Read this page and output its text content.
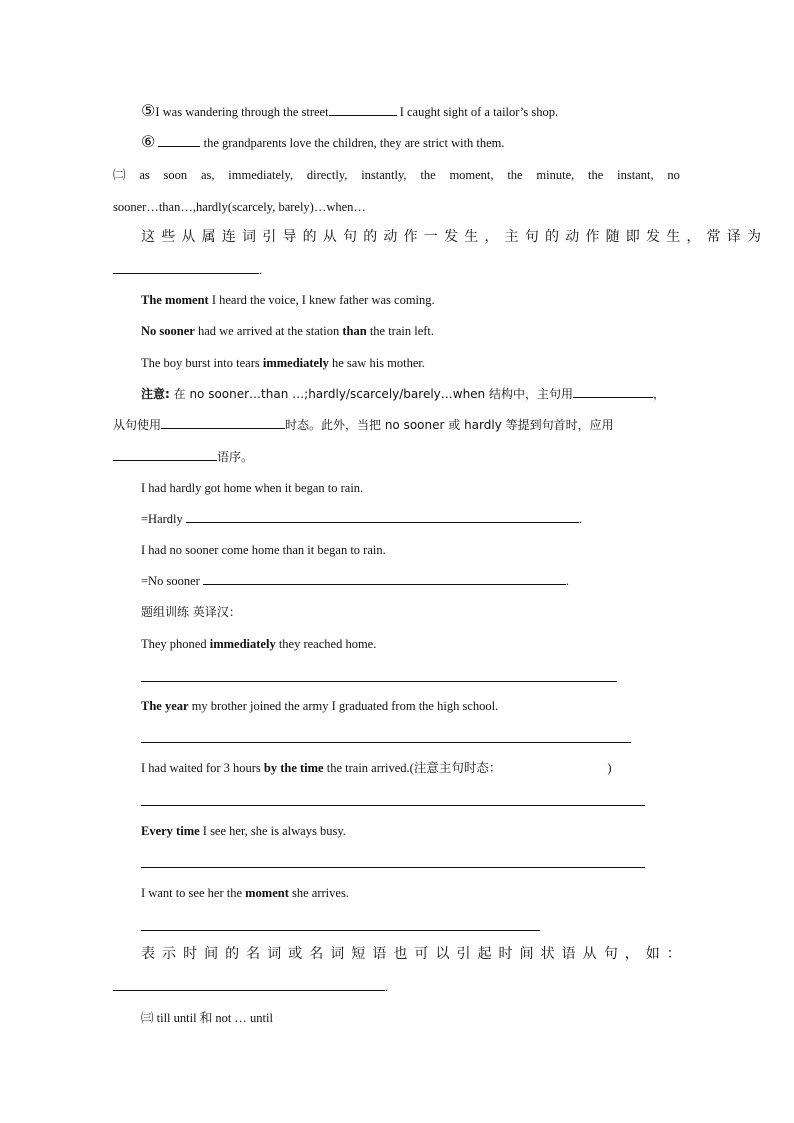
⑤I was wandering through the street	I caught sight of a tailor’s shop.
⑥	the grandparents love the children, they are strict with them.
㈡ as soon as, immediately, directly, instantly, the moment, the minute, the instant, no
sooner…than…,hardly(scarcely, barely)…when…
这些从属连词引导的从句的动作一发生，主句的动作随即发生，常译为
.
The moment I heard the voice, I knew father was coming.
No sooner had we arrived at the station than the train left.
The boy burst into tears immediately he saw his mother.
注意: 在 no sooner…than …;hardly/scarcely/barely…when 结构中，主句用	，
从句使用	时态。此外，当把 no sooner 或 hardly 等提到句首时，应用
语序。
I had hardly got home when it began to rain.
=Hardly	.
I had no sooner come home than it began to rain.
=No sooner	.
题组训练 英译汉：
They phoned immediately they reached home.
The year my brother joined the army I graduated from the high school.
I had waited for 3 hours by the time the train arrived.(注意主句时态：	)
Every time I see her, she is always busy.
I want to see her the moment she arrives.
表 示 时 间 的 名 词 或 名 词 短 语 也 可 以 引 起 时 间 状 语 从 句 ， 如 ：
.
㈢ till until 和 not … until
